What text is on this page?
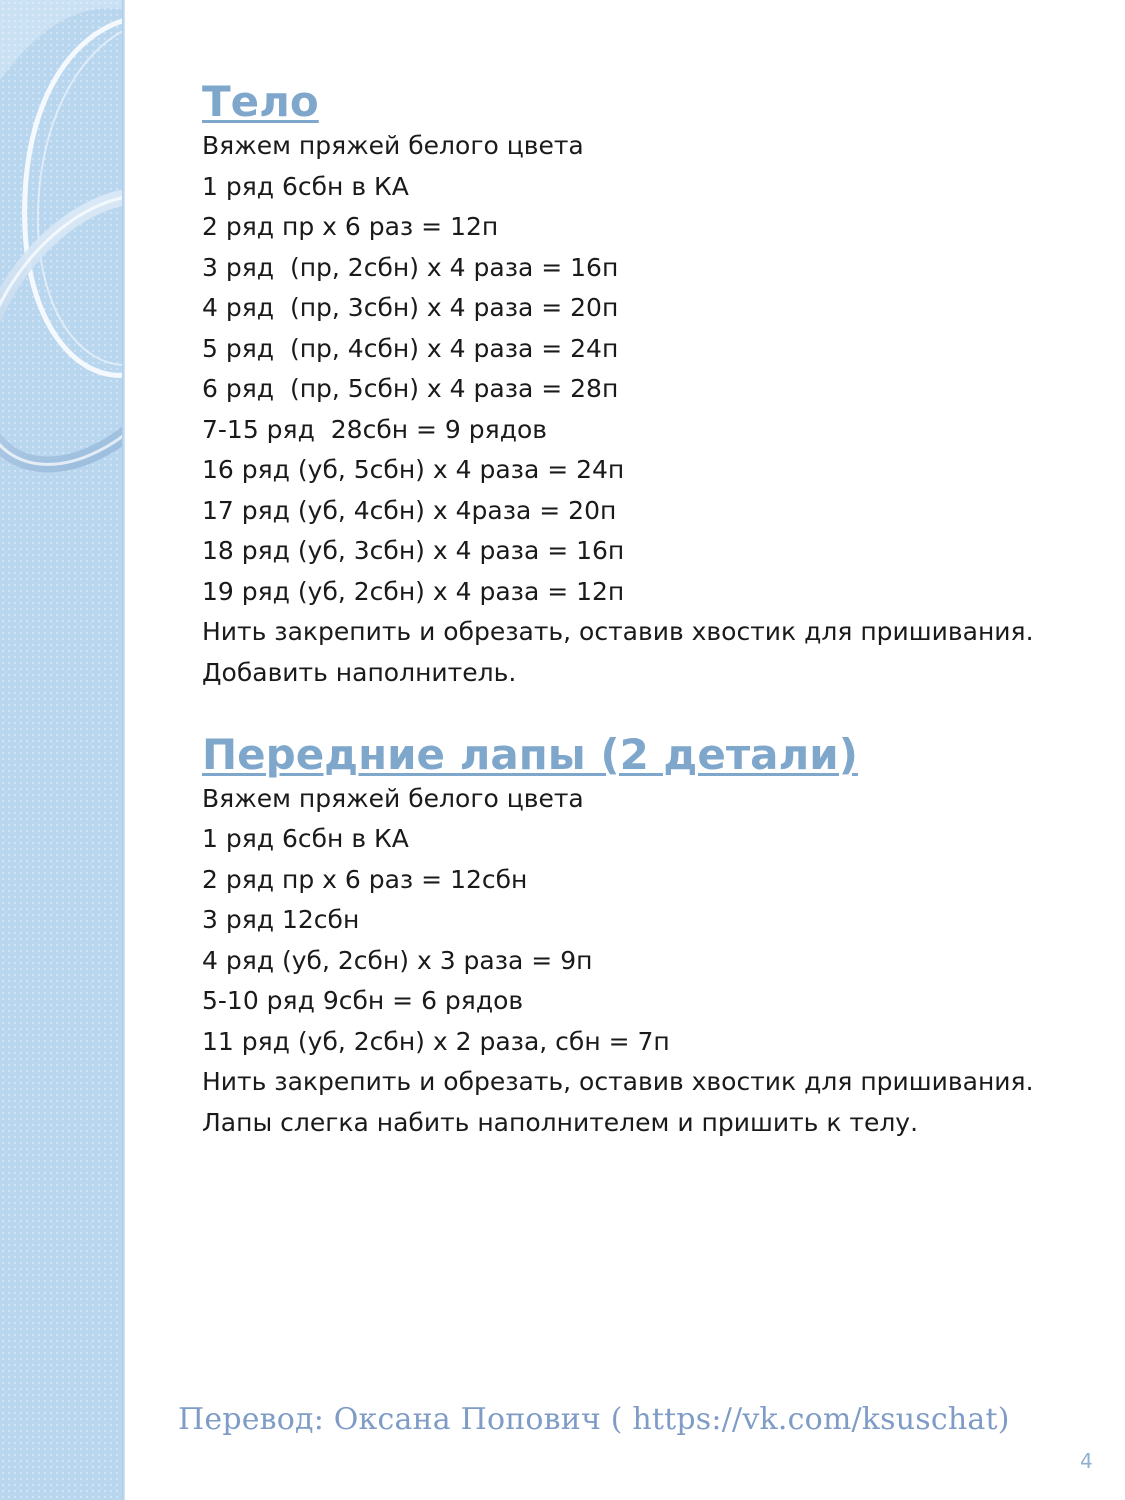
Тело
Вяжем пряжей белого цвета
1 ряд 6сбн в КА
2 ряд пр х 6 раз = 12п
3 ряд  (пр, 2сбн) х 4 раза = 16п
4 ряд  (пр, 3сбн) х 4 раза = 20п
5 ряд  (пр, 4сбн) х 4 раза = 24п
6 ряд  (пр, 5сбн) х 4 раза = 28п
7-15 ряд  28сбн = 9 рядов
16 ряд (уб, 5сбн) х 4 раза = 24п
17 ряд (уб, 4сбн) х 4раза = 20п
18 ряд (уб, 3сбн) х 4 раза = 16п
19 ряд (уб, 2сбн) х 4 раза = 12п
Нить закрепить и обрезать, оставив хвостик для пришивания.
Добавить наполнитель.
Передние лапы (2 детали)
Вяжем пряжей белого цвета
1 ряд 6сбн в КА
2 ряд пр х 6 раз = 12сбн
3 ряд 12сбн
4 ряд (уб, 2сбн) х 3 раза = 9п
5-10 ряд 9сбн = 6 рядов
11 ряд (уб, 2сбн) х 2 раза, сбн = 7п
Нить закрепить и обрезать, оставив хвостик для пришивания.
Лапы слегка набить наполнителем и пришить к телу.
Перевод: Оксана Попович ( https://vk.com/ksuschat)
4
